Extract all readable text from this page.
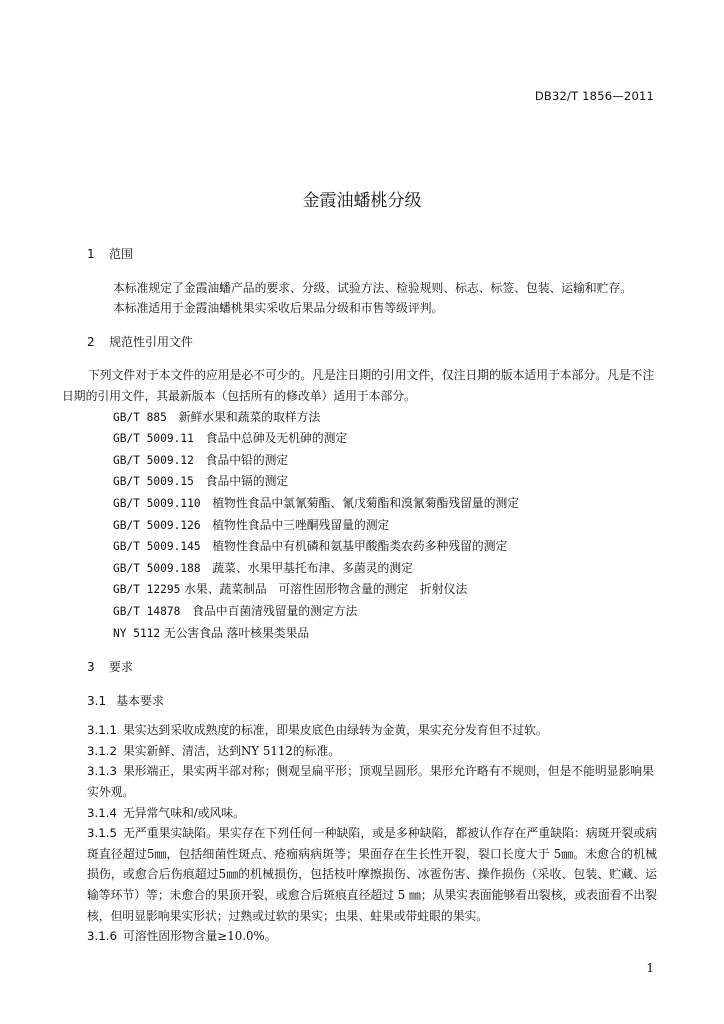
DB32/T 1856—2011
金霞油蟠桃分级
1 范围

本标准规定了金霞油蟠产品的要求、分级、试验方法、检验规则、标志、标签、包装、运输和贮存。

本标准适用于金霞油蟠桃果实采收后果品分级和市售等级评判。

2 规范性引用文件

下列文件对于本文件的应用是必不可少的。凡是注日期的引用文件，仅注日期的版本适用于本部分。凡是不注日期的引用文件，其最新版本（包括所有的修改单）适用于本部分。

GB/T 885　 新鲜水果和蔬菜的取样方法
GB/T 5009.11　 食品中总砷及无机砷的测定
GB/T 5009.12　 食品中铅的测定
GB/T 5009.15　 食品中镉的测定
GB/T 5009.110　 植物性食品中氯氰菊酯、氰戊菊酯和溴氰菊酯残留量的测定
GB/T 5009.126　 植物性食品中三唑酮残留量的测定
GB/T 5009.145　 植物性食品中有机磷和氨基甲酸酯类农药多种残留的测定
GB/T 5009.188　 蔬菜、水果甲基托布津、多菌灵的测定
GB/T 12295 水果、蔬菜制品　可溶性固形物含量的测定　折射仪法
GB/T 14878　 食品中百菌清残留量的测定方法
NY 5112 无公害食品 落叶核果类果品
3 要求
3.1 基本要求

3.1.1 果实达到采收成熟度的标准，即果皮底色由绿转为金黄，果实充分发育但不过软。

3.1.2 果实新鲜、清洁，达到NY 5112的标准。

3.1.3 果形端正，果实两半部对称；侧观呈扁平形；顶观呈圆形。果形允许略有不规则，但是不能明显影响果实外观。

3.1.4 无异常气味和/或风味。

3.1.5 无严重果实缺陷。果实存在下列任何一种缺陷，或是多种缺陷，都被认作存在严重缺陷：病斑开裂或病斑直径超过5㎜，包括细菌性斑点、疮痂病病斑等；果面存在生长性开裂，裂口长度大于 5㎜。未愈合的机械损伤，或愈合后伤痕超过5㎜的机械损伤，包括枝叶摩擦损伤、冰雹伤害、操作损伤（采收、包装、贮藏、运输等环节）等；未愈合的果顶开裂，或愈合后斑痕直径超过 5 ㎜；从果实表面能够看出裂核，或表面看不出裂核，但明显影响果实形状；过熟或过软的果实；虫果、蛀果或带蛀眼的果实。

3.1.6 可溶性固形物含量≥10.0%。

1
